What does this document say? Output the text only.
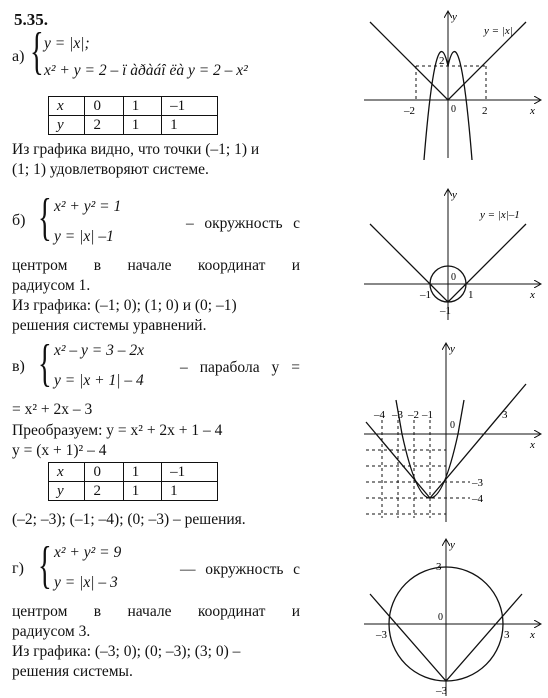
5.35.
а) { y = |x|;
x² + y = 2 – ї àðàáî ëà y = 2 – x²
x	0	1	–1
y	2	1	1
Из графика видно, что точки (–1; 1) и
(1; 1) удовлетворяют системе.
б) { x² + y² = 1
y = |x| –1
– окружность с
центром в начале координат и
радиусом 1.
Из графика: (–1; 0); (1; 0) и (0; –1)
решения системы уравнений.
в) { x² – y = 3 – 2x
y = |x + 1| – 4
– парабола y =
= x² + 2x – 3
Преобразуем: y = x² + 2x + 1 – 4
y = (x + 1)² – 4
x	0	1	–1
y	2	1	1
(–2; –3); (–1; –4); (0; –3) – решения.
г) { x² + y² = 9
y = |x| – 3
— окружность с
центром в начале координат и
радиусом 3.
Из графика: (–3; 0); (0; –3); (3; 0) –
решения системы.
y = |x|
x
y
–2	0 2
2
y = |x|–1
x
y
–1
0
1
–1
x
y
–4 –3 –2 –1
0
3
–3
–4
x
y
3
0
–3	3
–3
